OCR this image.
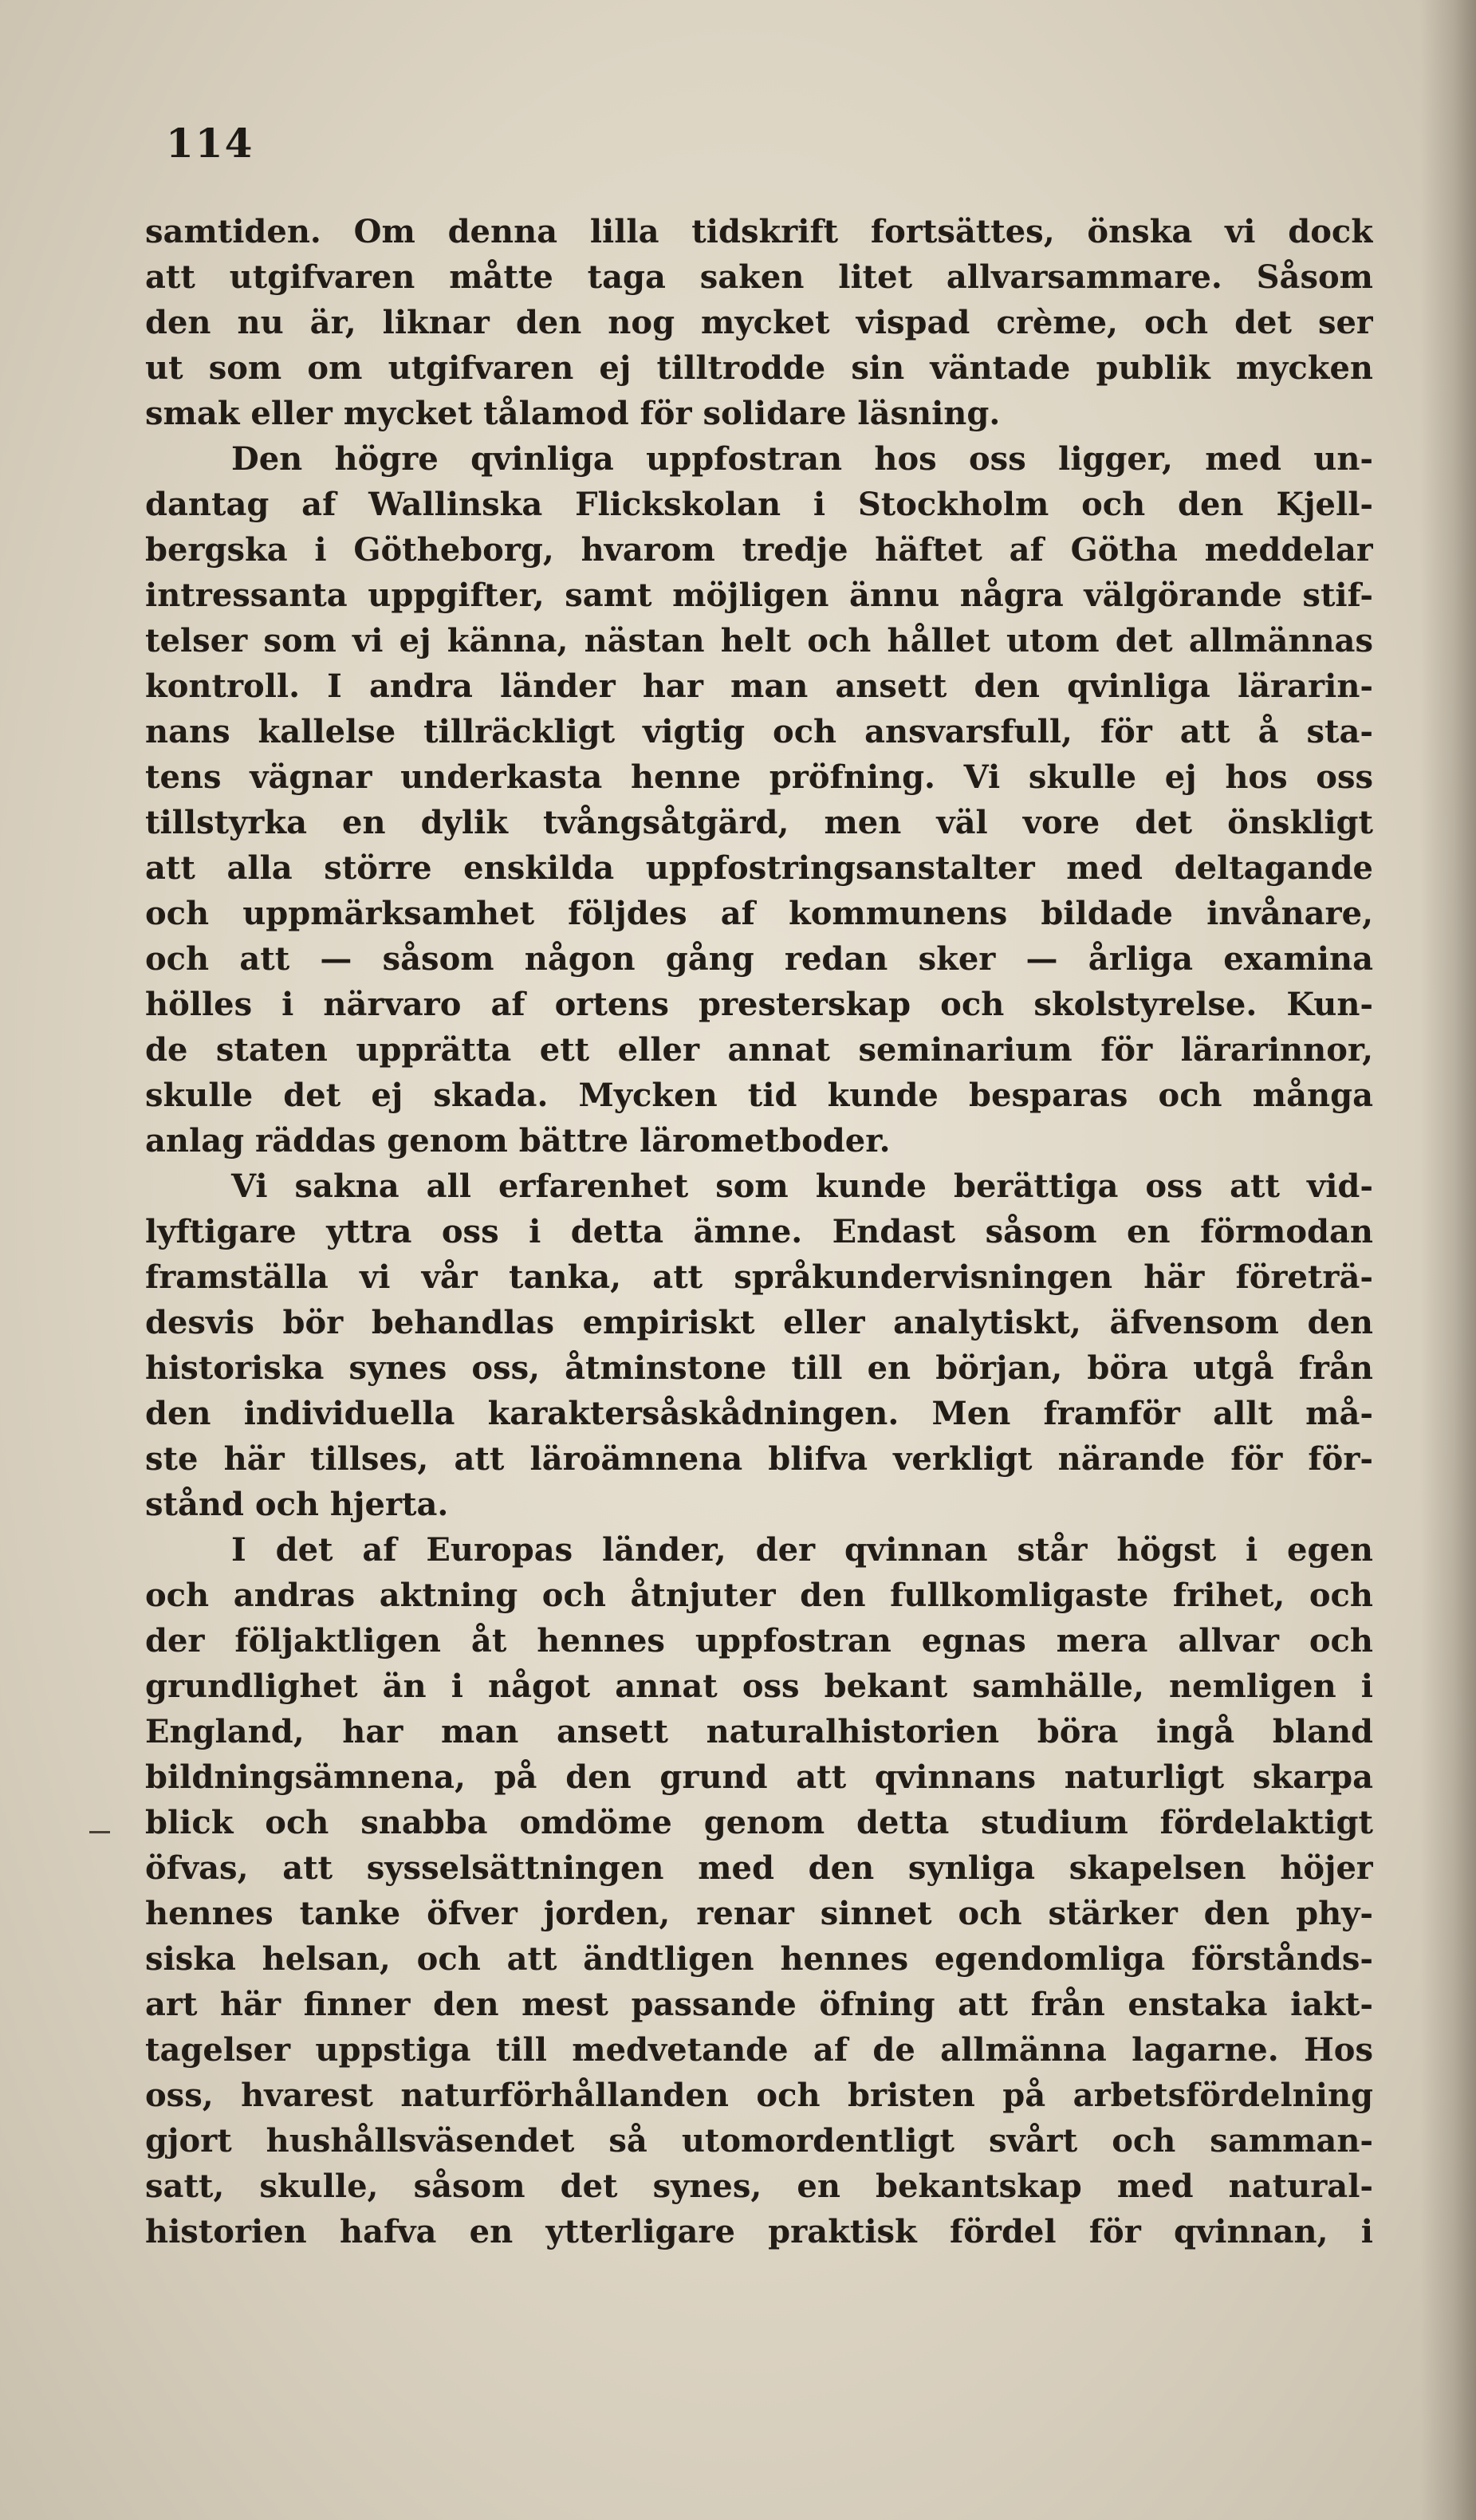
114
samtiden. Om denna lilla tidskrift fortsättes, önska vi dock
att utgifvaren måtte taga saken litet allvarsammare. Såsom
den nu är, liknar den nog mycket vispad crème, och det ser
ut som om utgifvaren ej tilltrodde sin väntade publik mycken
smak eller mycket tålamod för solidare läsning.
Den högre qvinliga uppfostran hos oss ligger, med un-
dantag af Wallinska Flickskolan i Stockholm och den Kjell-
bergska i Götheborg, hvarom tredje häftet af Götha meddelar
intressanta uppgifter, samt möjligen ännu några välgörande stif-
telser som vi ej känna, nästan helt och hållet utom det allmännas
kontroll. I andra länder har man ansett den qvinliga lärarin-
nans kallelse tillräckligt vigtig och ansvarsfull, för att å sta-
tens vägnar underkasta henne pröfning. Vi skulle ej hos oss
tillstyrka en dylik tvångsåtgärd, men väl vore det önskligt
att alla större enskilda uppfostringsanstalter med deltagande
och uppmärksamhet följdes af kommunens bildade invånare,
och att — såsom någon gång redan sker — årliga examina
hölles i närvaro af ortens presterskap och skolstyrelse. Kun-
de staten upprätta ett eller annat seminarium för lärarinnor,
skulle det ej skada. Mycken tid kunde besparas och många
anlag räddas genom bättre lärometboder.
Vi sakna all erfarenhet som kunde berättiga oss att vid-
lyftigare yttra oss i detta ämne. Endast såsom en förmodan
framställa vi vår tanka, att språkundervisningen här företrä-
desvis bör behandlas empiriskt eller analytiskt, äfvensom den
historiska synes oss, åtminstone till en början, böra utgå från
den individuella karaktersåskådningen. Men framför allt må-
ste här tillses, att läroämnena blifva verkligt närande för för-
stånd och hjerta.
I det af Europas länder, der qvinnan står högst i egen
och andras aktning och åtnjuter den fullkomligaste frihet, och
der följaktligen åt hennes uppfostran egnas mera allvar och
grundlighet än i något annat oss bekant samhälle, nemligen i
England, har man ansett naturalhistorien böra ingå bland
bildningsämnena, på den grund att qvinnans naturligt skarpa
blick och snabba omdöme genom detta studium fördelaktigt
öfvas, att sysselsättningen med den synliga skapelsen höjer
hennes tanke öfver jorden, renar sinnet och stärker den phy-
siska helsan, och att ändtligen hennes egendomliga förstånds-
art här finner den mest passande öfning att från enstaka iakt-
tagelser uppstiga till medvetande af de allmänna lagarne. Hos
oss, hvarest naturförhållanden och bristen på arbetsfördelning
gjort hushållsväsendet så utomordentligt svårt och samman-
satt, skulle, såsom det synes, en bekantskap med natural-
historien hafva en ytterligare praktisk fördel för qvinnan, i
